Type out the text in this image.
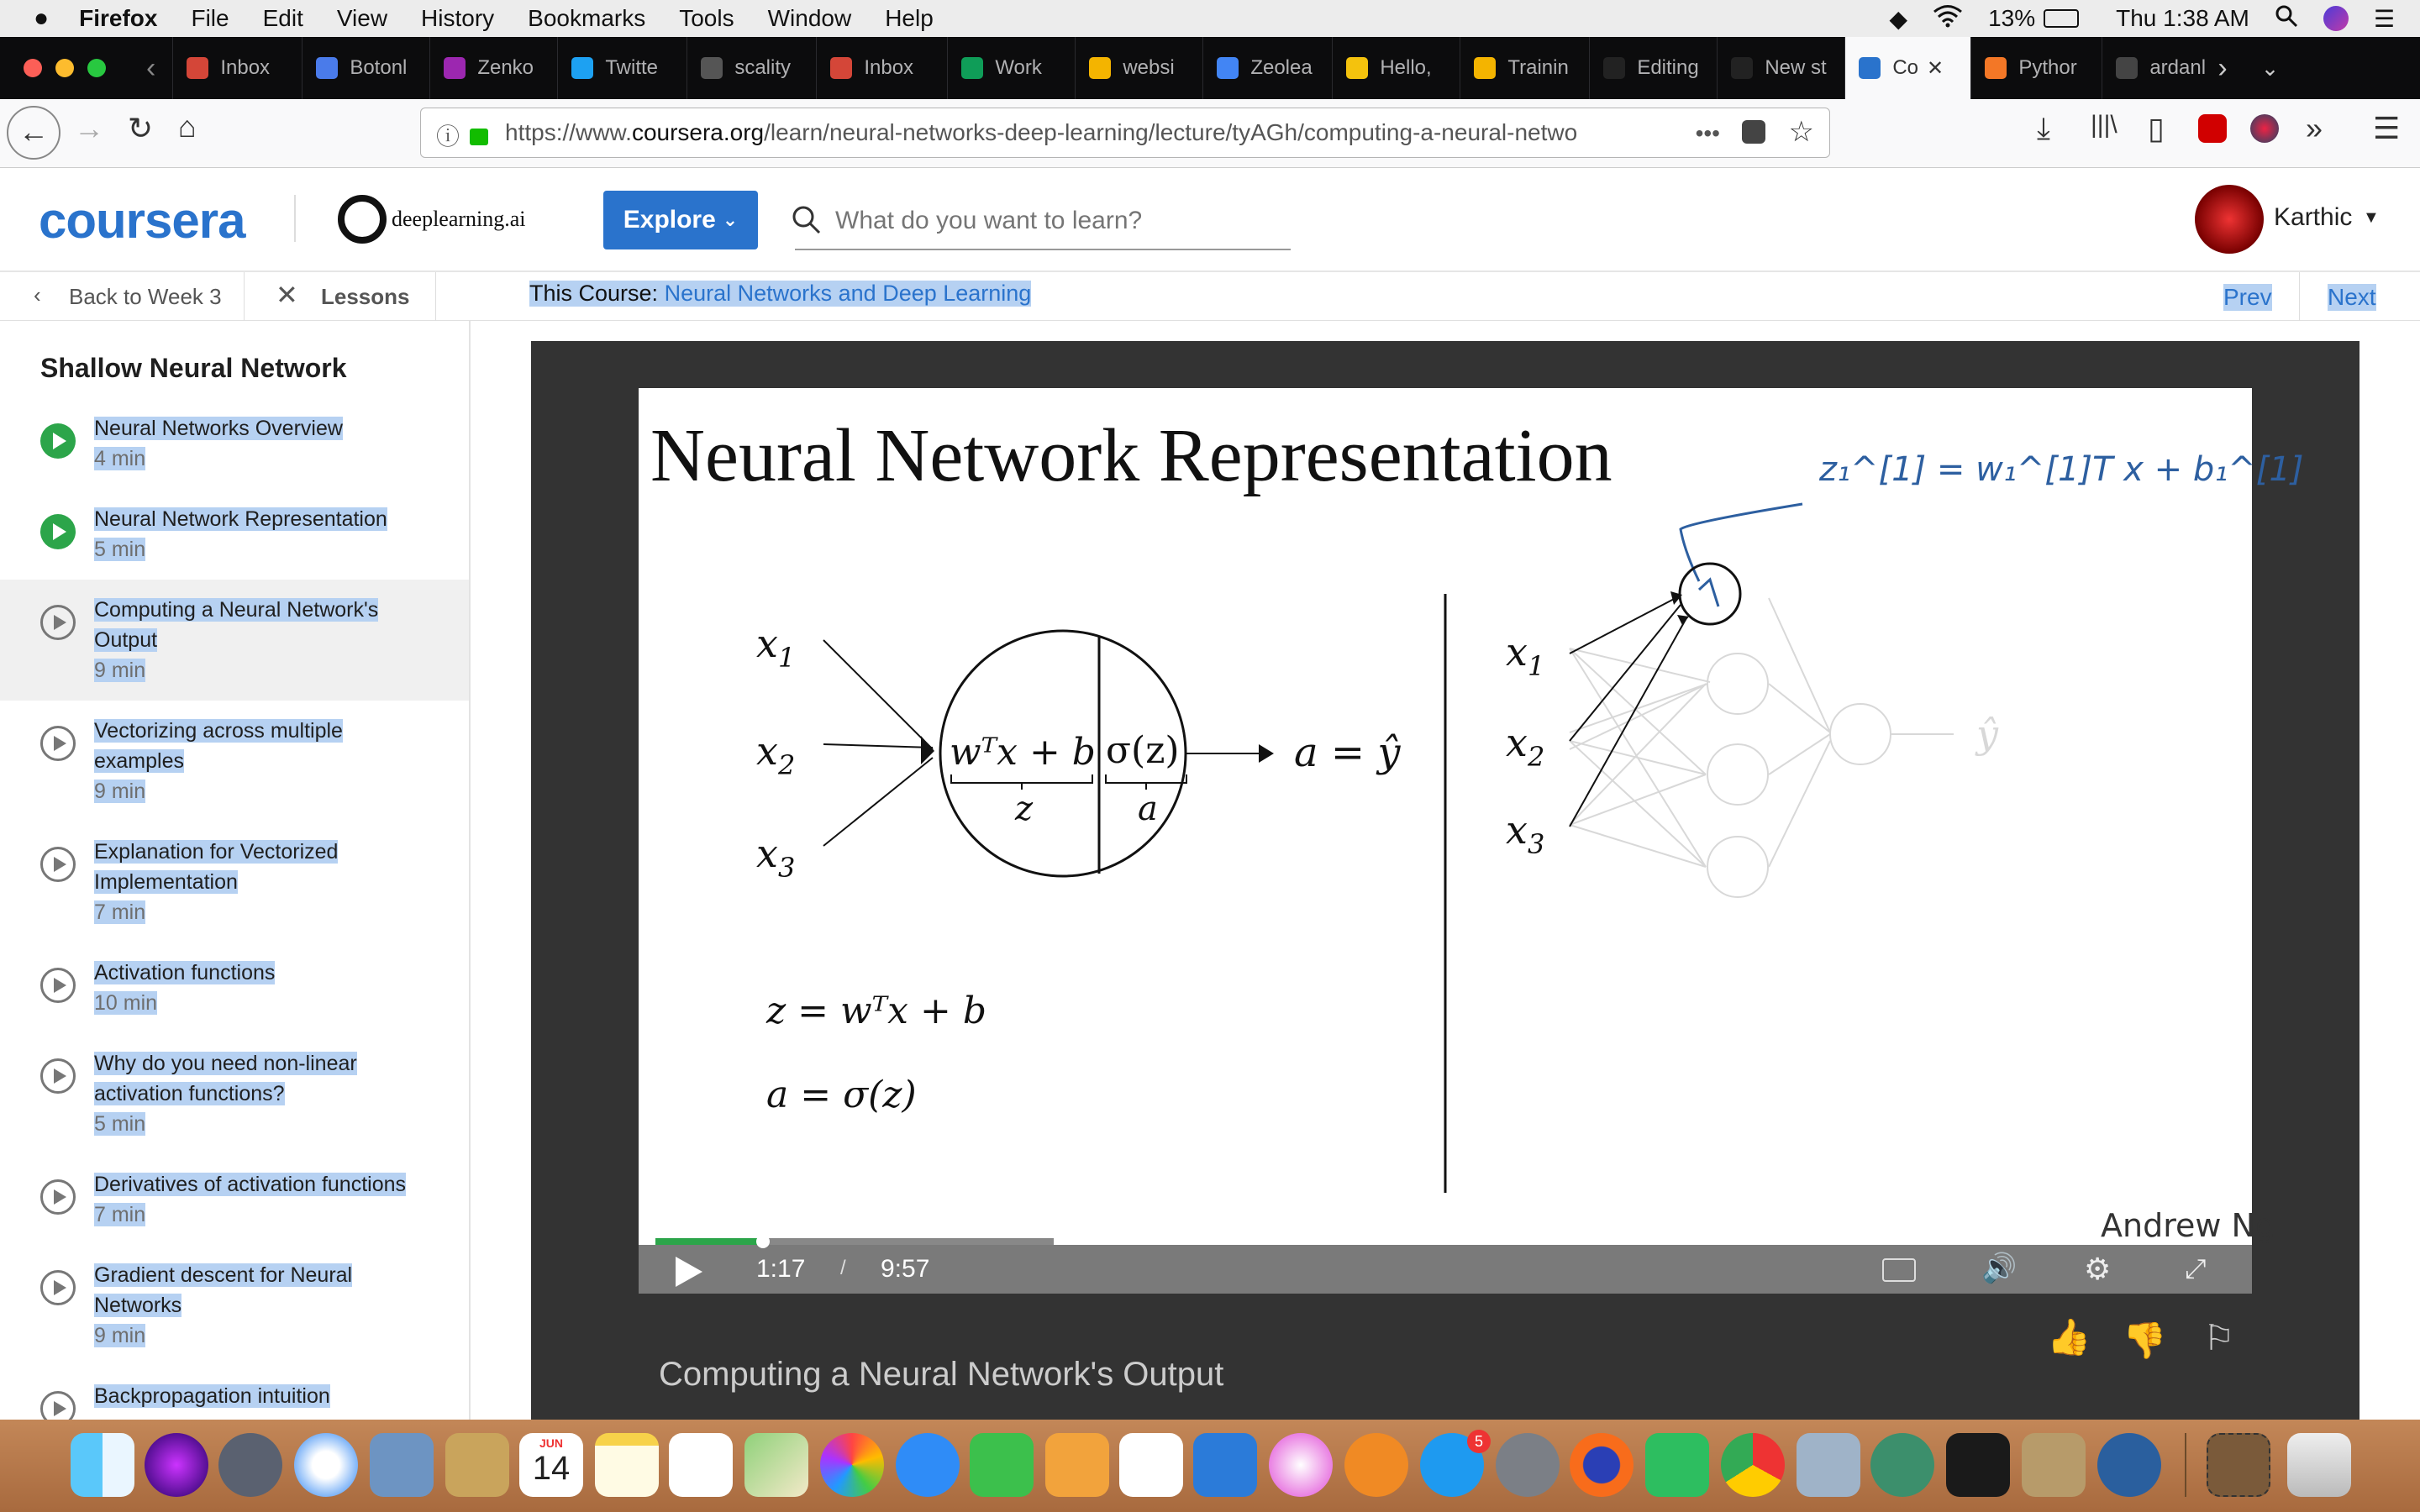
● Firefox File Edit View History Bookmarks Tools Window Help	◆	13%	Thu 1:38 AM	☰
‹	Inbox	Botonl	Zenko	Twitte	scality	Inbox	Work	websi	Zeolea	Hello,	Trainin	Editing	New st	Co ✕	Pythor	ardanl › ⌄
← → ↻ ⌂	ⓘ https://www. coursera.org /learn/neural-networks-deep-learning/lecture/tyAGh/computing-a-neural-netwo	••• ☆	⤓ |||\ ▯	» ☰
coursera	deeplearning.ai	Explore ⌄
What do you want to learn?	Karthic ▼
‹ Back to Week 3 ✕ Lessons	This Course: Neural Networks and Deep Learning	Prev Next
Shallow Neural Network
Neural Networks Overview
4 min
Neural Network Representation
5 min
Computing a Neural Network's Output
9 min
Vectorizing across multiple examples
9 min
Explanation for Vectorized Implementation
7 min
Activation functions
10 min
Why do you need non-linear activation functions?
5 min
Derivatives of activation functions
7 min
Gradient descent for Neural Networks
9 min
Backpropagation intuition
Neural Network Representation	z₁^[1] = w₁^[1]T x + b₁^[1]
$x_1$
$x_2$
$x_3$
wᵀx + b σ(z)
z	a
a = ŷ
z = wᵀx + b
a = σ(z)
$x_1$
$x_2$
$x_3$
ŷ
Andrew Ng
1:17 / 9:57	🔊 ⚙	⤢
👍 👎 ⚐
Computing a Neural Network's Output
JUN
14
5
